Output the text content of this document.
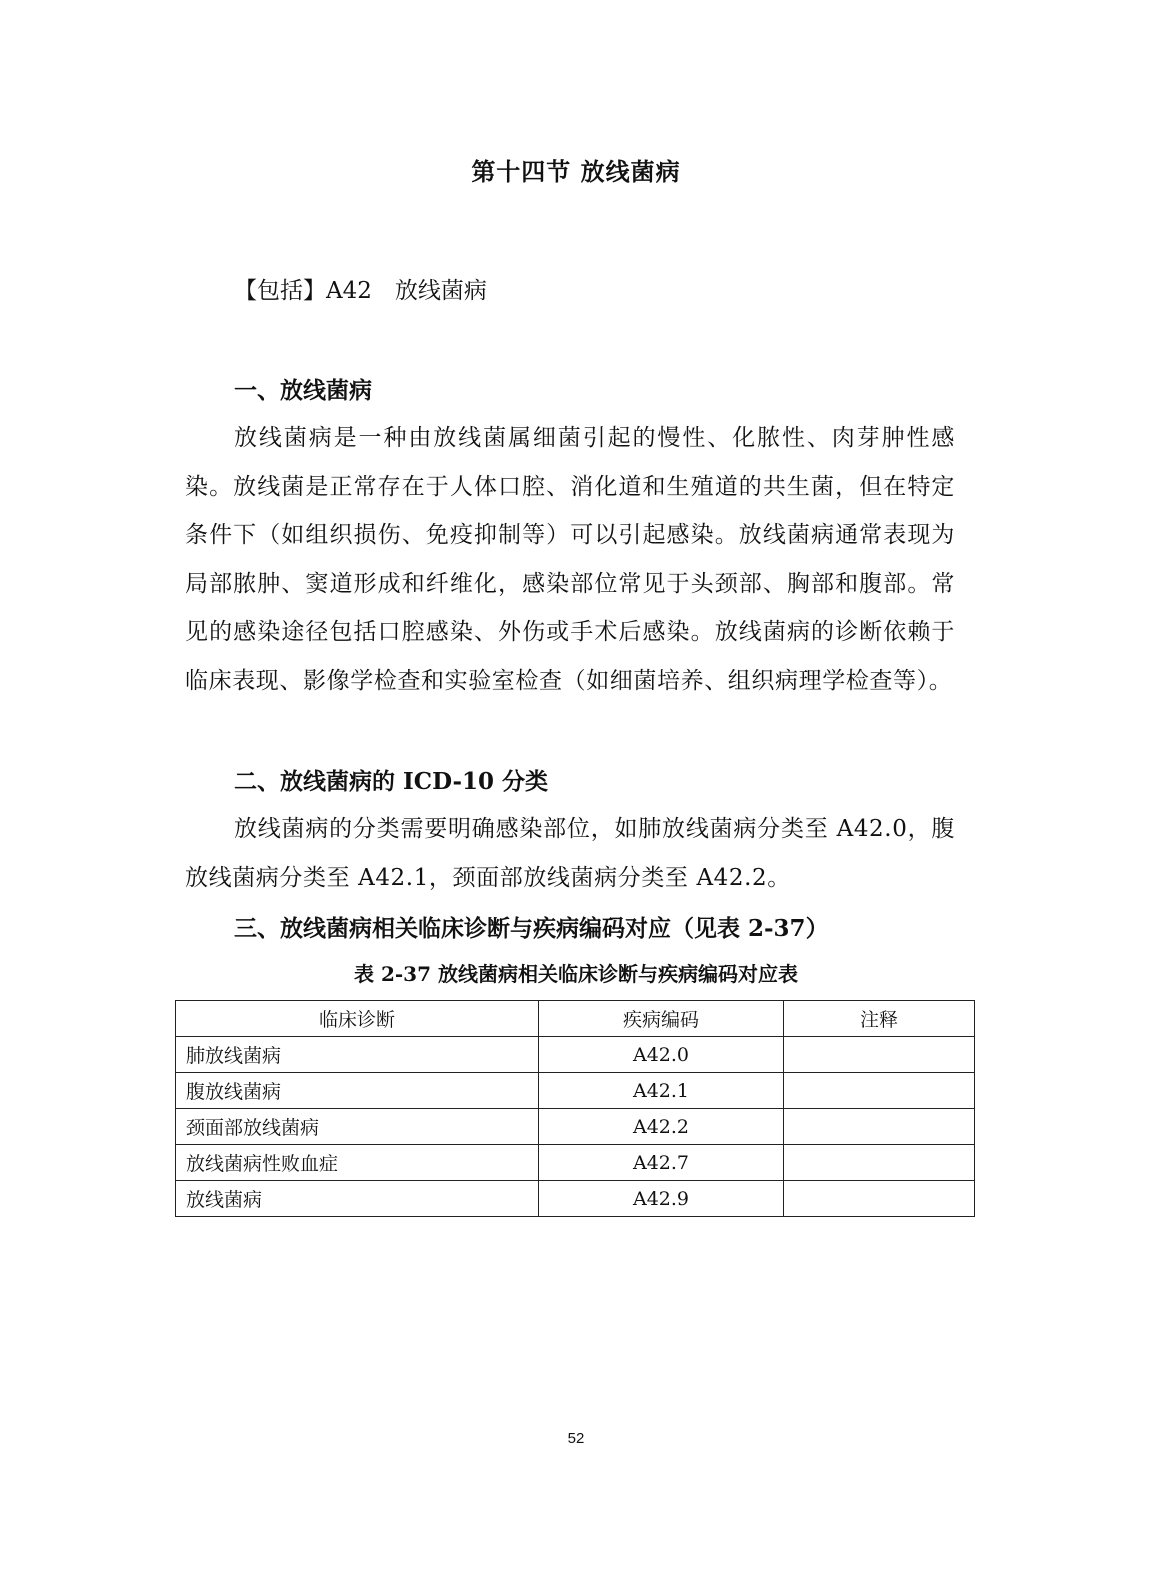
第十四节 放线菌病
【包括】A42　放线菌病
一、放线菌病
放线菌病是一种由放线菌属细菌引起的慢性、化脓性、肉芽肿性感染。放线菌是正常存在于人体口腔、消化道和生殖道的共生菌，但在特定条件下（如组织损伤、免疫抑制等）可以引起感染。放线菌病通常表现为局部脓肿、窦道形成和纤维化，感染部位常见于头颈部、胸部和腹部。常见的感染途径包括口腔感染、外伤或手术后感染。放线菌病的诊断依赖于临床表现、影像学检查和实验室检查（如细菌培养、组织病理学检查等）。
二、放线菌病的 ICD-10 分类
放线菌病的分类需要明确感染部位，如肺放线菌病分类至 A42.0，腹放线菌病分类至 A42.1，颈面部放线菌病分类至 A42.2。
三、放线菌病相关临床诊断与疾病编码对应（见表 2-37）
表 2-37 放线菌病相关临床诊断与疾病编码对应表
临床诊断	疾病编码	注释
肺放线菌病	A42.0	
腹放线菌病	A42.1	
颈面部放线菌病	A42.2	
放线菌病性败血症	A42.7	
放线菌病	A42.9	
52
